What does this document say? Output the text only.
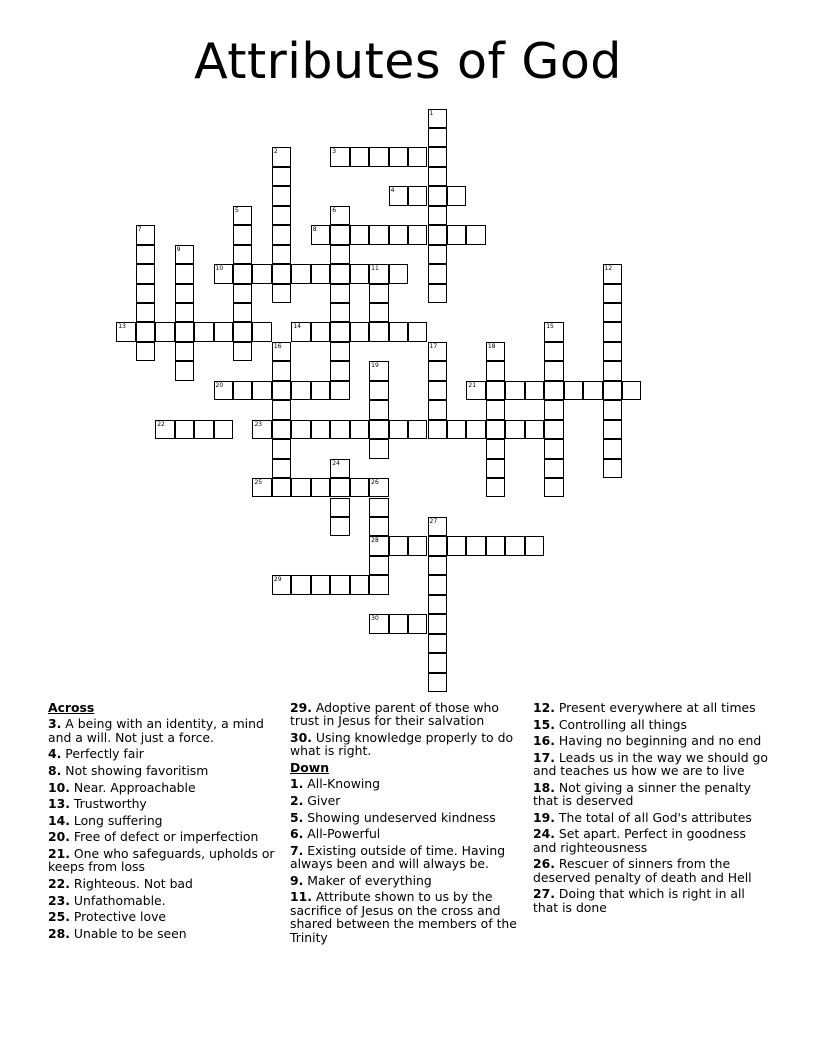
Attributes of God
1
2	3
4
5	6
7	8
9
10	11	12
13	14	15
16	17	18
19
20	21
22	23
24
25	26
28
27
29
30
Across
3. A being with an identity, a mind and a will. Not just a force.
4. Perfectly fair
8. Not showing favoritism
10. Near. Approachable
13. Trustworthy
14. Long suffering
20. Free of defect or imperfection
21. One who safeguards, upholds or keeps from loss
22. Righteous. Not bad
23. Unfathomable.
25. Protective love
28. Unable to be seen
29. Adoptive parent of those who trust in Jesus for their salvation
30. Using knowledge properly to do what is right.
Down
1. All-Knowing
2. Giver
5. Showing undeserved kindness
6. All-Powerful
7. Existing outside of time. Having always been and will always be.
9. Maker of everything
11. Attribute shown to us by the sacrifice of Jesus on the cross and shared between the members of the Trinity
12. Present everywhere at all times
15. Controlling all things
16. Having no beginning and no end
17. Leads us in the way we should go and teaches us how we are to live
18. Not giving a sinner the penalty that is deserved
19. The total of all God's attributes
24. Set apart. Perfect in goodness and righteousness
26. Rescuer of sinners from the deserved penalty of death and Hell
27. Doing that which is right in all that is done
